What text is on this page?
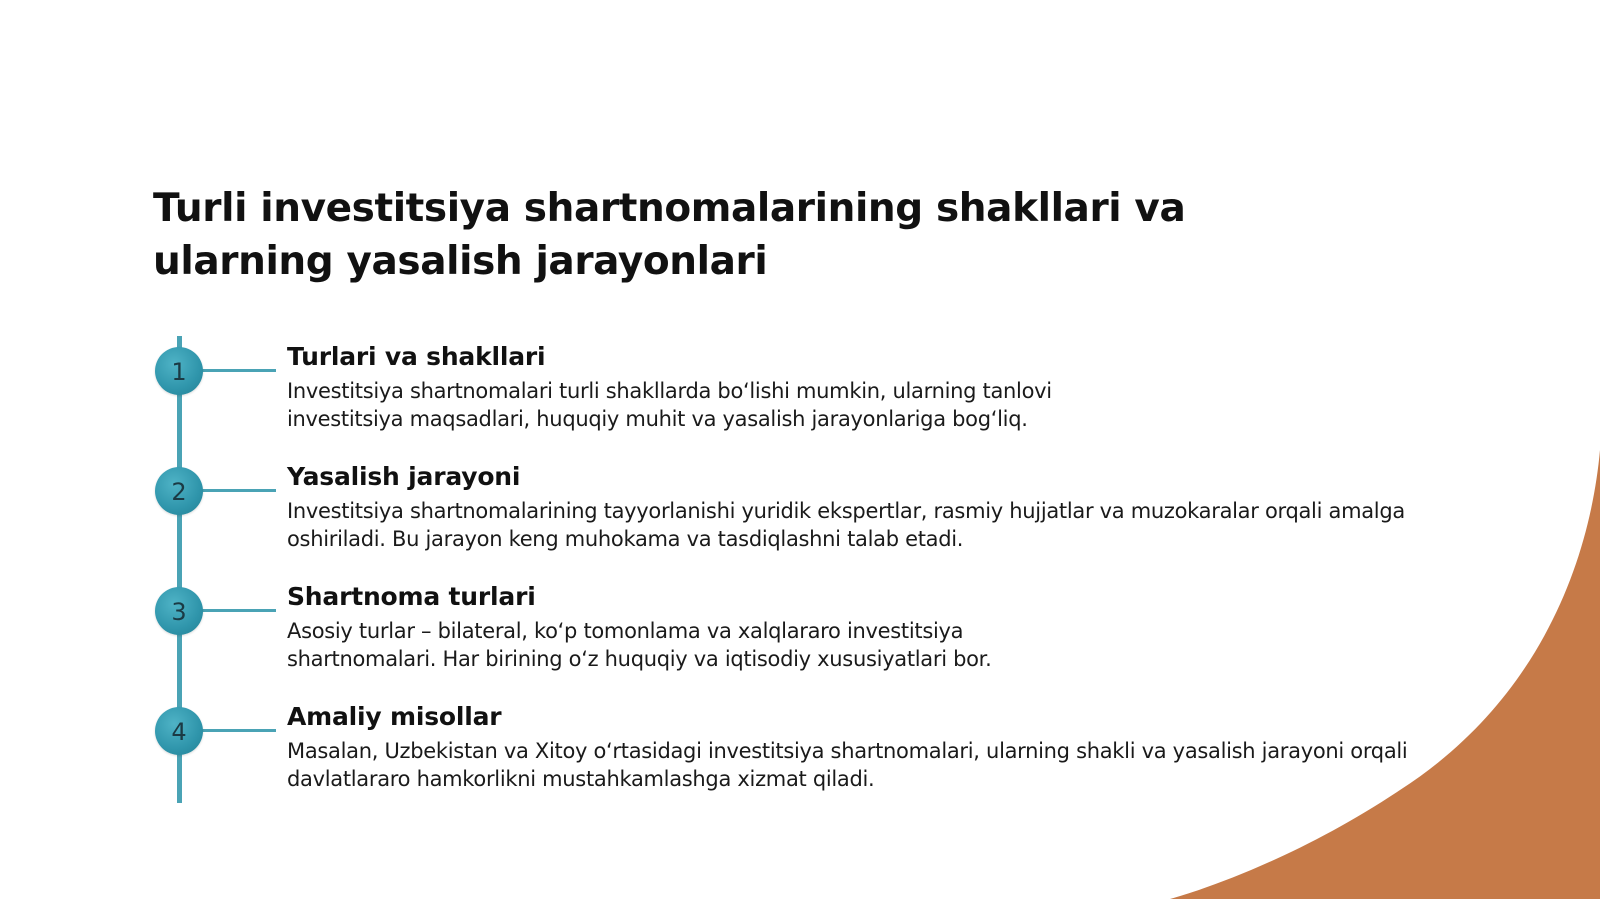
Turli investitsiya shartnomalarining shakllari va ularning yasalish jarayonlari
1
Turlari va shakllari

Investitsiya shartnomalari turli shakllarda bo‘lishi mumkin, ularning tanlovi investitsiya maqsadlari, huquqiy muhit va yasalish jarayonlariga bog‘liq.

2
Yasalish jarayoni

Investitsiya shartnomalarining tayyorlanishi yuridik ekspertlar, rasmiy hujjatlar va muzokaralar orqali amalga oshiriladi. Bu jarayon keng muhokama va tasdiqlashni talab etadi.

3
Shartnoma turlari

Asosiy turlar – bilateral, ko‘p tomonlama va xalqlararo investitsiya shartnomalari. Har birining o‘z huquqiy va iqtisodiy xususiyatlari bor.

4
Amaliy misollar

Masalan, Uzbekistan va Xitoy o‘rtasidagi investitsiya shartnomalari, ularning shakli va yasalish jarayoni orqali davlatlararo hamkorlikni mustahkamlashga xizmat qiladi.
